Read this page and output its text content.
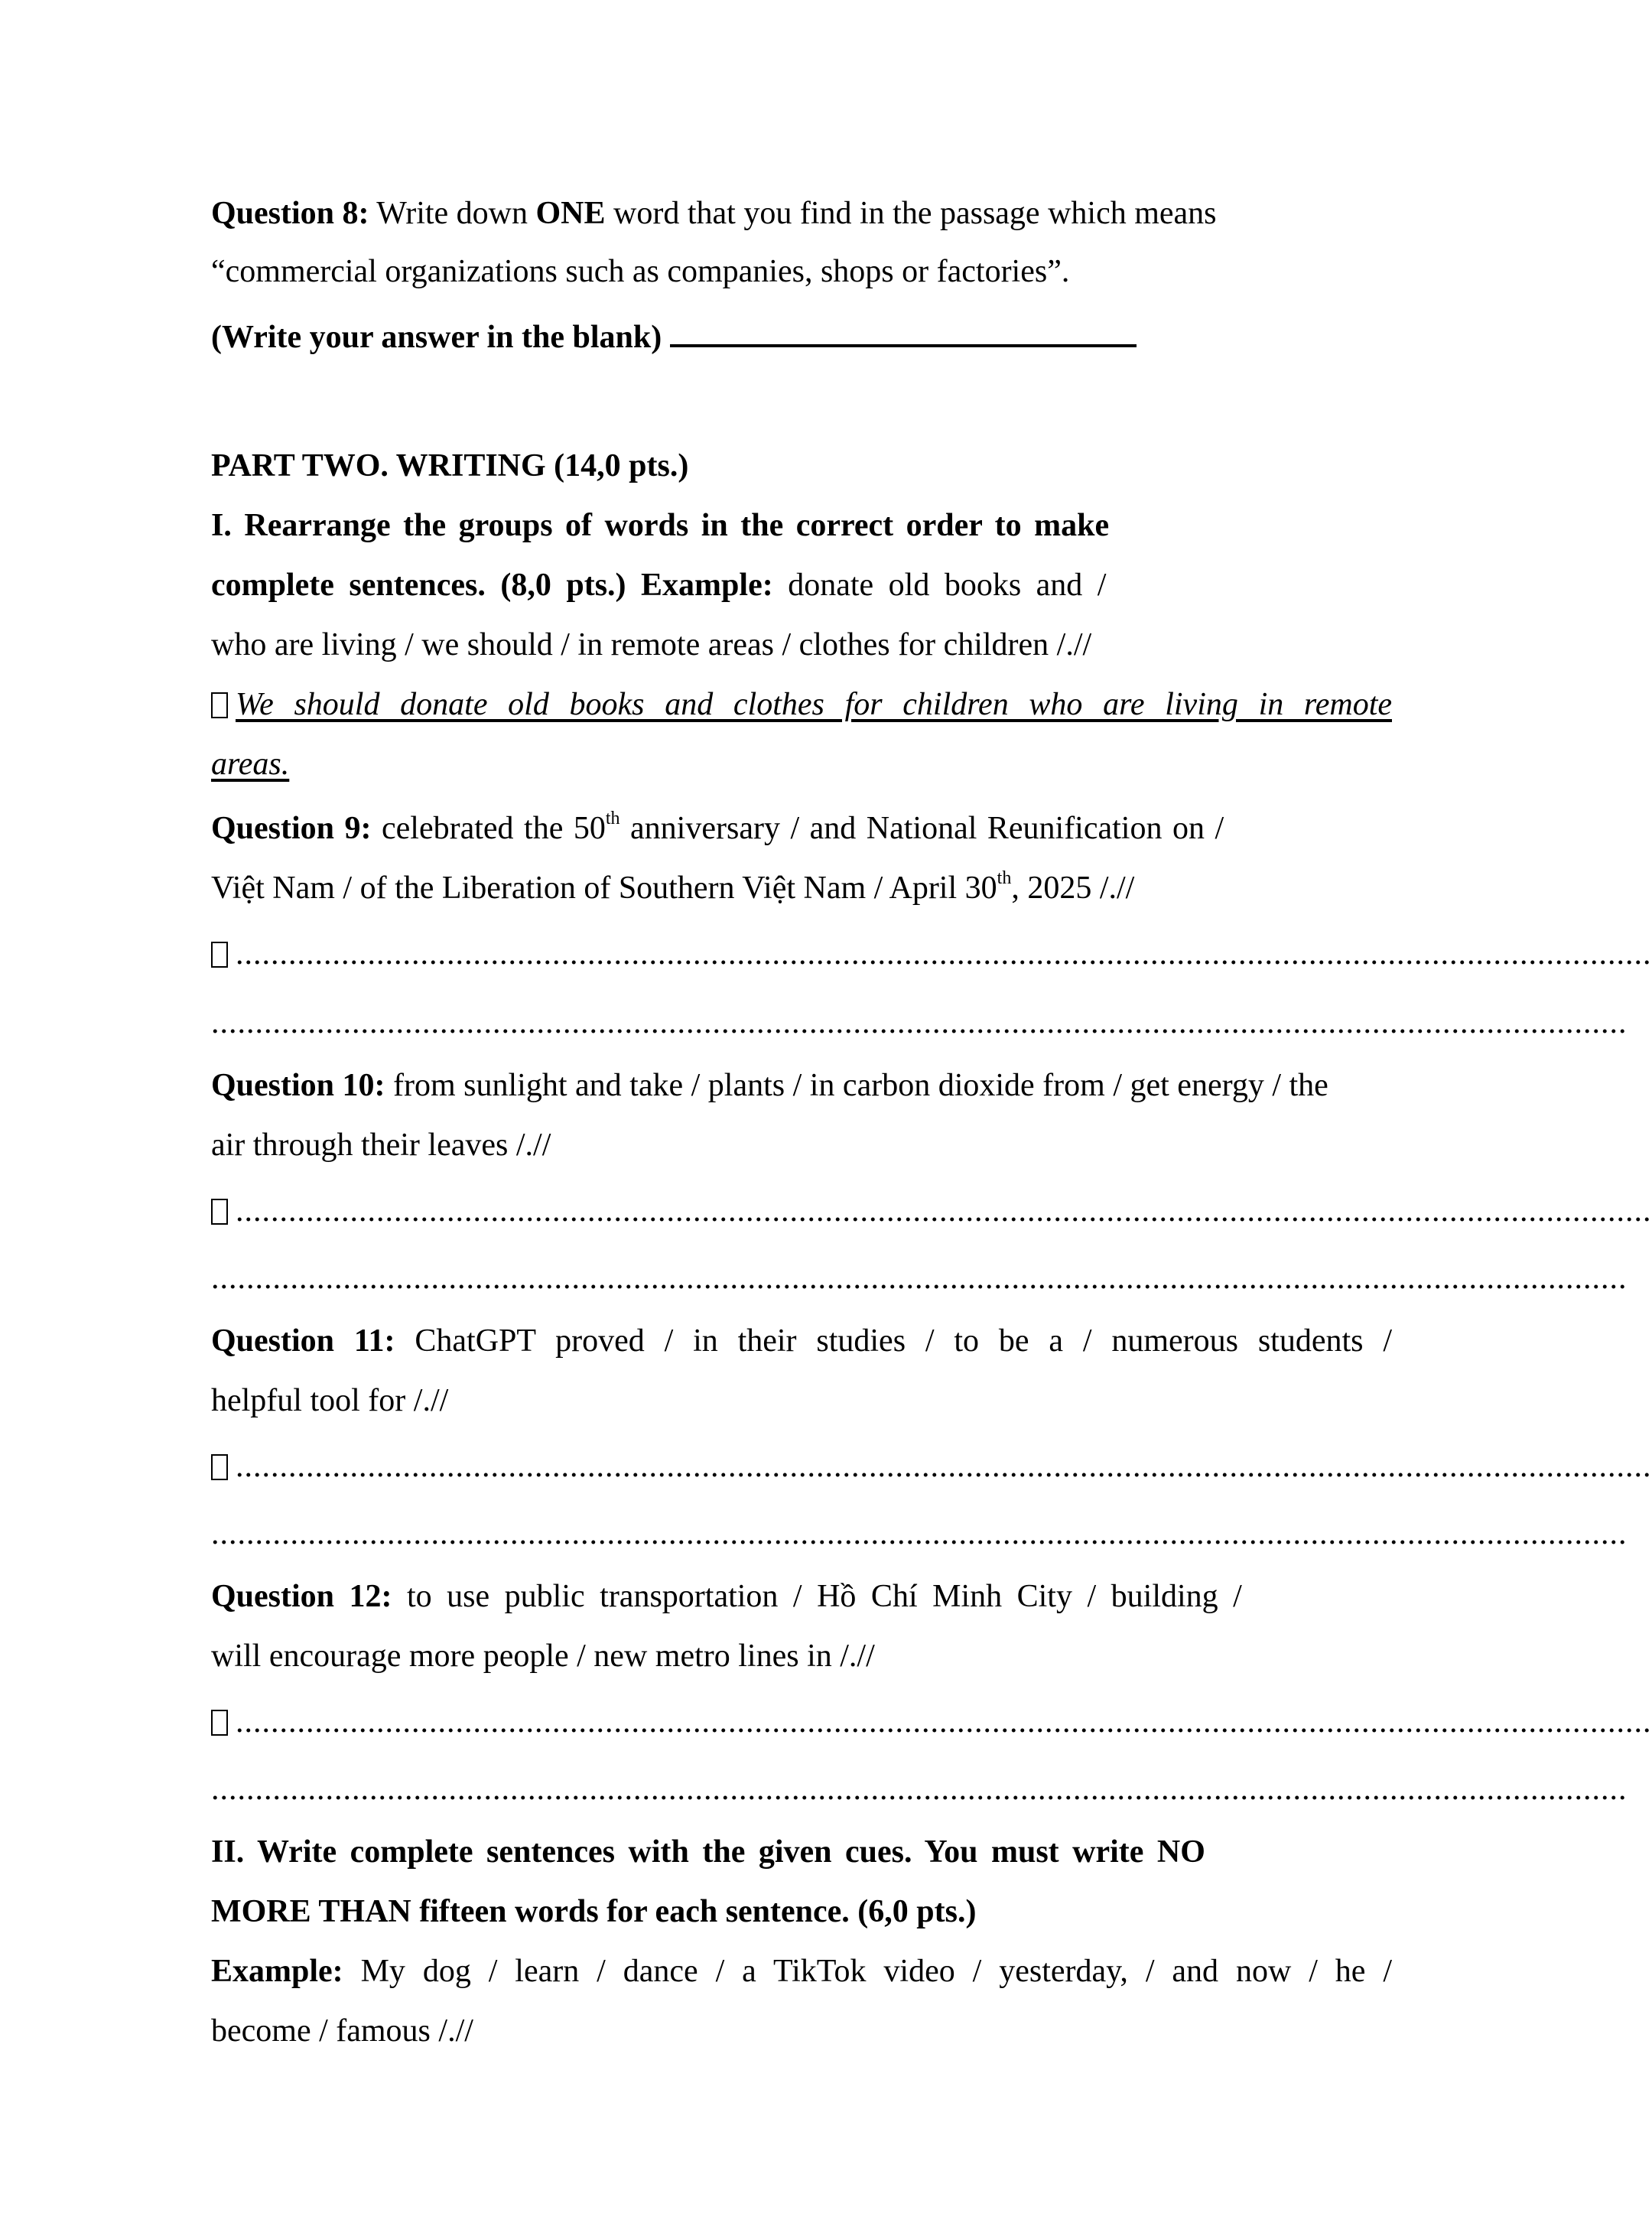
Question 8: Write down ONE word that you find in the passage which means
“commercial organizations such as companies, shops or factories”.
(Write your answer in the blank)
PART TWO. WRITING (14,0 pts.)
I. Rearrange the groups of words in the correct order to make
complete sentences. (8,0 pts.) Example: donate old books and /
who are living / we should / in remote areas / clothes for children /.//
We should donate old books and clothes for children who are living in remote
areas.
Question 9: celebrated the 50th anniversary / and National Reunification on /
Việt Nam / of the Liberation of Southern Việt Nam / April 30th, 2025 /.//
.................................................................................................................................................................
.................................................................................................................................................................
Question 10: from sunlight and take / plants / in carbon dioxide from / get energy / the
air through their leaves /.//
.................................................................................................................................................................
.................................................................................................................................................................
Question 11: ChatGPT proved / in their studies / to be a / numerous students /
helpful tool for /.//
.................................................................................................................................................................
.................................................................................................................................................................
Question 12: to use public transportation / Hồ Chí Minh City / building /
will encourage more people / new metro lines in /.//
.................................................................................................................................................................
.................................................................................................................................................................
II. Write complete sentences with the given cues. You must write NO
MORE THAN fifteen words for each sentence. (6,0 pts.)
Example: My dog / learn / dance / a TikTok video / yesterday, / and now / he /
become / famous /.//
